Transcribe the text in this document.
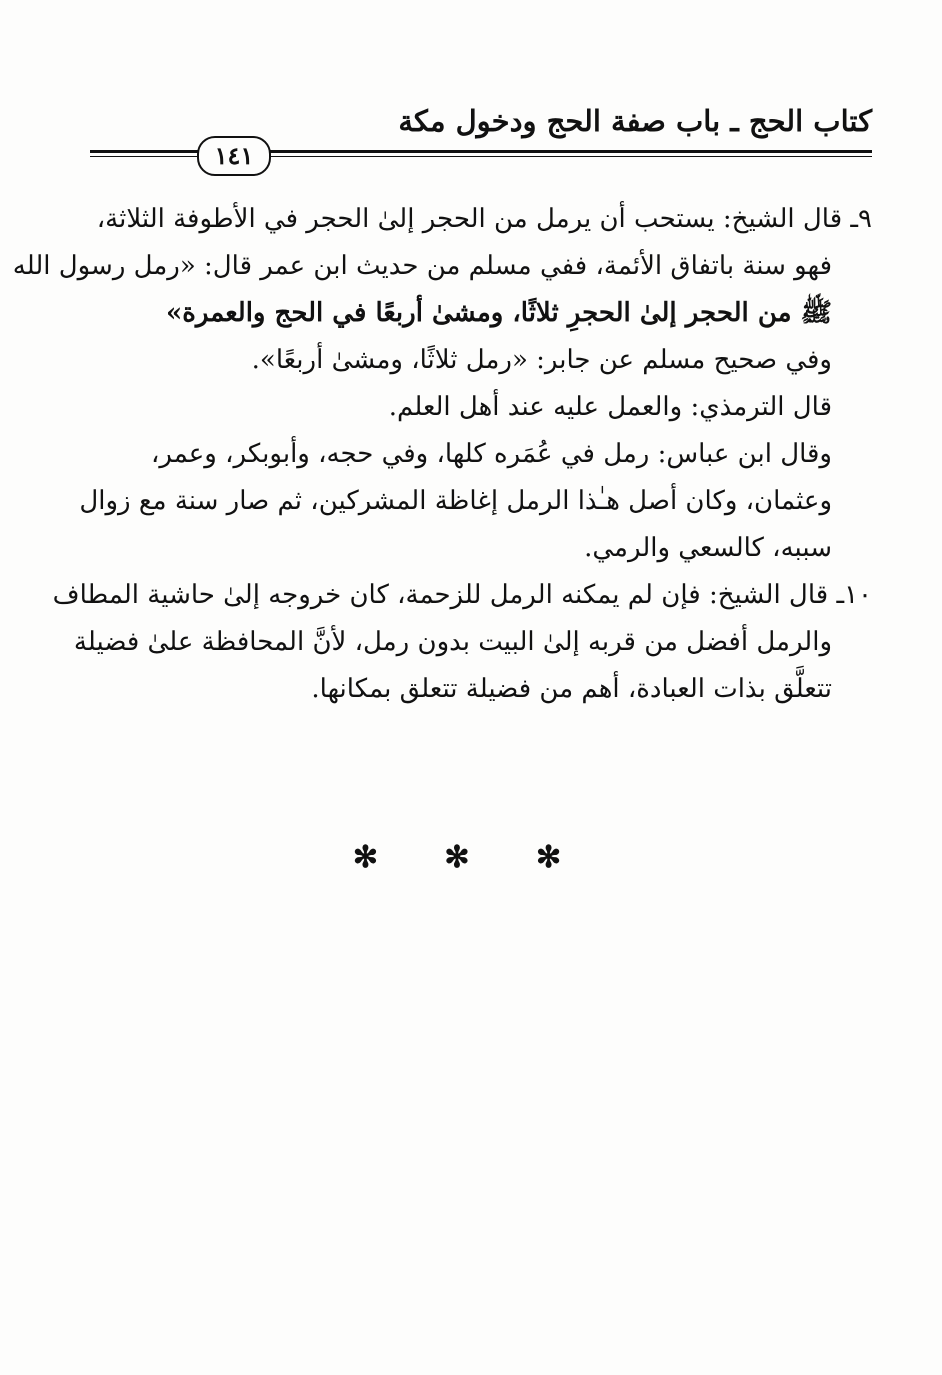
كتاب الحج ـ باب صفة الحج ودخول مكة
١٤١
٩ـ قال الشيخ: يستحب أن يرمل من الحجر إلىٰ الحجر في الأطوفة الثلاثة،
فهو سنة باتفاق الأئمة، ففي مسلم من حديث ابن عمر قال: «رمل رسول الله
ﷺ من الحجر إلىٰ الحجرِ ثلاثًا، ومشىٰ أربعًا في الحج والعمرة»
وفي صحيح مسلم عن جابر: «رمل ثلاثًا، ومشىٰ أربعًا».
قال الترمذي: والعمل عليه عند أهل العلم.
وقال ابن عباس: رمل في عُمَره كلها، وفي حجه، وأبوبكر، وعمر،
وعثمان، وكان أصل هـٰذا الرمل إغاظة المشركين، ثم صار سنة مع زوال
سببه، كالسعي والرمي.
١٠ـ قال الشيخ: فإن لم يمكنه الرمل للزحمة، كان خروجه إلىٰ حاشية المطاف
والرمل أفضل من قربه إلىٰ البيت بدون رمل، لأنَّ المحافظة علىٰ فضيلة
تتعلَّق بذات العبادة، أهم من فضيلة تتعلق بمكانها.
✻ ✻ ✻
